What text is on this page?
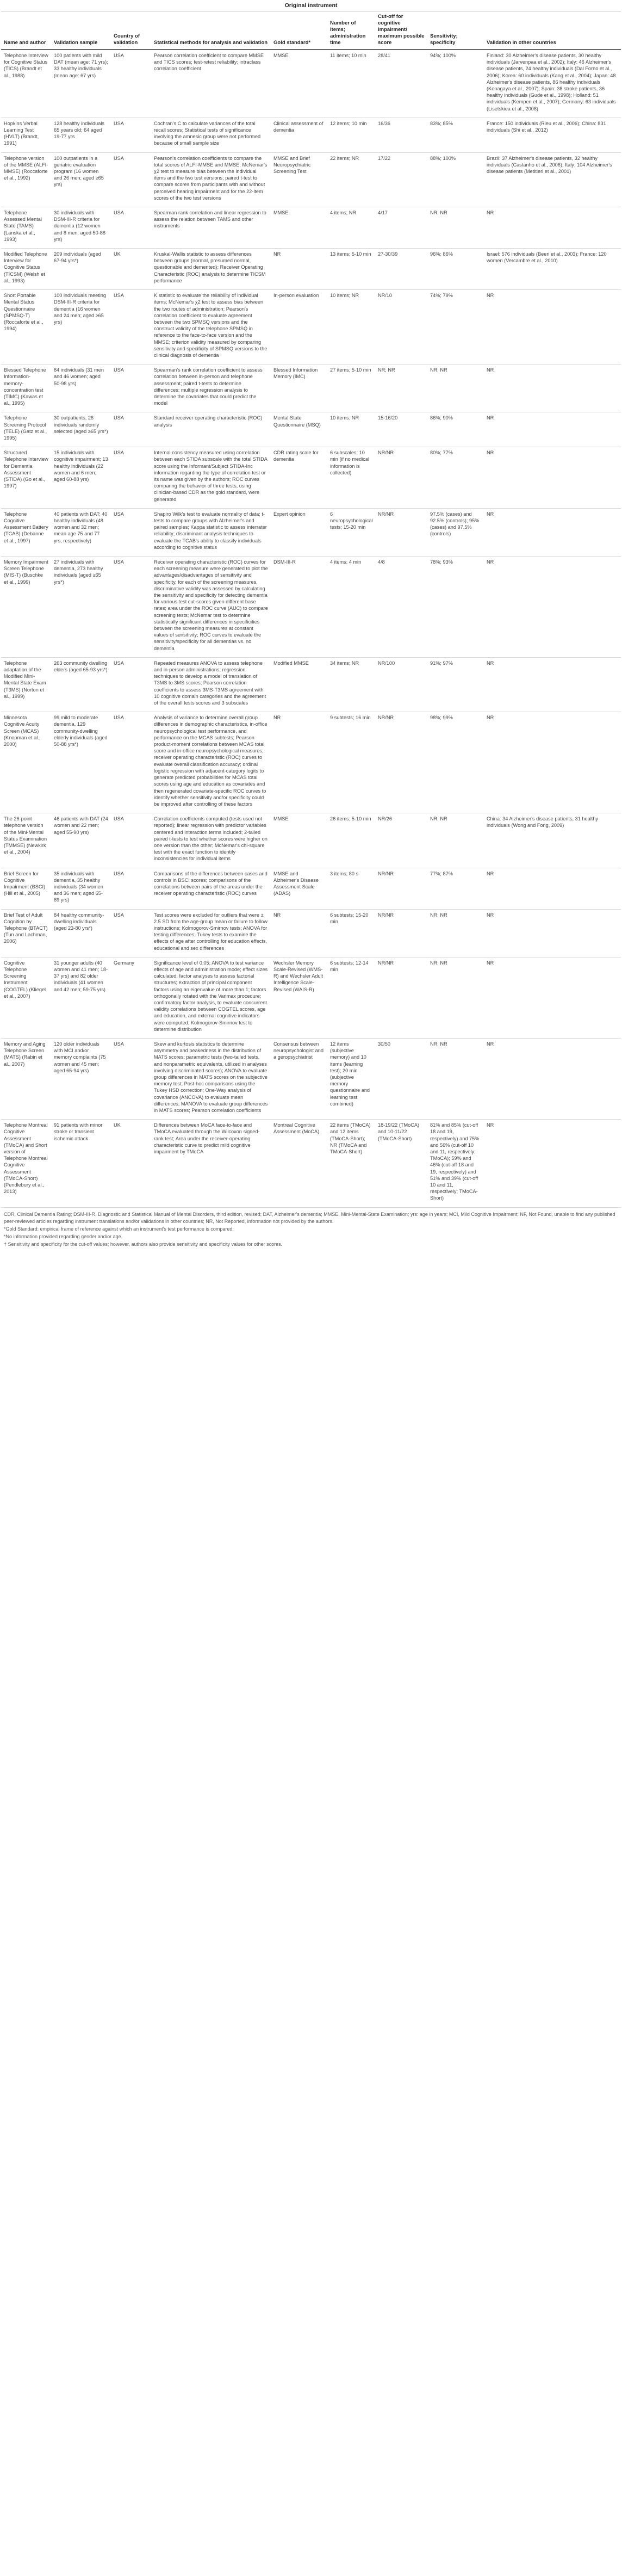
Original instrument
Name and author	Validation sample	Country of validation	Statistical methods for analysis and validation	Gold standard*	Number of items; administration time	Cut-off for cognitive impairment/ maximum possible score	Sensitivity; specificity	Validation in other countries
Telephone Interview for Cognitive Status (TICS) (Brandt et al., 1988)	100 patients with mild DAT (mean age: 71 yrs); 33 healthy individuals (mean age: 67 yrs)	USA	Pearson correlation coefficient to compare MMSE and TICS scores; test-retest reliability; intraclass correlation coefficient	MMSE	11 items; 10 min	28/41	94%; 100%	Finland: 30 Alzheimer's disease patients, 30 healthy individuals (Jarvenpaa et al., 2002); Italy: 46 Alzheimer's disease patients, 24 healthy individuals (Dal Forno et al., 2006); Korea: 60 individuals (Kang et al., 2004); Japan: 48 Alzheimer's disease patients, 86 healthy individuals (Konagaya et al., 2007); Spain: 38 stroke patients, 36 healthy individuals (Gude et al., 1998); Holland: 51 individuals (Kempen et al., 2007); Germany: 63 individuals (Lisetskiea et al., 2008)
Hopkins Verbal Learning Test (HVLT) (Brandt, 1991)	128 healthy individuals 65 years old; 64 aged 19-77 yrs	USA	Cochran's C to calculate variances of the total recall scores; Statistical tests of significance involving the amnesic group were not performed because of small sample size	Clinical assessment of dementia	12 items; 10 min	16/36	83%; 85%	France: 150 individuals (Rieu et al., 2006); China: 831 individuals (Shi et al., 2012)
Telephone version of the MMSE (ALFI-MMSE) (Roccaforte et al., 1992)	100 outpatients in a geriatric evaluation program (16 women and 26 men; aged ≥65 yrs)	USA	Pearson's correlation coefficients to compare the total scores of ALFI-MMSE and MMSE; McNemar's χ2 test to measure bias between the individual items and the two test versions; paired t-test to compare scores from participants with and without perceived hearing impairment and for the 22-item scores of the two test versions	MMSE and Brief Neuropsychiatric Screening Test	22 items; NR	17/22	88%; 100%	Brazil: 37 Alzheimer's disease patients, 32 healthy individuals (Castanho et al., 2006); Italy: 104 Alzheimer's disease patients (Metitieri et al., 2001)
Telephone Assessed Mental State (TAMS) (Lanska et al., 1993)	30 individuals with DSM-III-R criteria for dementia (12 women and 8 men; aged 50-88 yrs)	USA	Spearman rank correlation and linear regression to assess the relation between TAMS and other instruments	MMSE	4 items; NR	4/17	NR; NR	NR
Modified Telephone Interview for Cognitive Status (TICSM) (Welsh et al., 1993)	209 individuals (aged 67-94 yrs*)	UK	Kruskal-Wallis statistic to assess differences between groups (normal, presumed normal, questionable and demented); Receiver Operating Characteristic (ROC) analysis to determine TICSM performance	NR	13 items; 5-10 min	27-30/39	96%; 86%	Israel: 576 individuals (Beeri et al., 2003); France: 120 women (Vercambre et al., 2010)
Short Portable Mental Status Questionnaire (SPMSQ-T) (Roccaforte et al., 1994)	100 individuals meeting DSM-III-R criteria for dementia (16 women and 24 men; aged ≥65 yrs)	USA	K statistic to evaluate the reliability of individual items; McNemar's χ2 test to assess bias between the two routes of administration; Pearson's correlation coefficient to evaluate agreement between the two SPMSQ versions and the construct validity of the telephone SPMSQ in reference to the face-to-face version and the MMSE; criterion validity measured by comparing sensitivity and specificity of SPMSQ versions to the clinical diagnosis of dementia	In-person evaluation	10 items; NR	NR/10	74%; 79%	NR
Blessed Telephone Information-memory-concentration test (TIMC) (Kawas et al., 1995)	84 individuals (31 men and 46 women; aged 50-98 yrs)	USA	Spearman's rank correlation coefficient to assess correlation between in-person and telephone assessment; paired t-tests to determine differences; multiple regression analysis to determine the covariates that could predict the model	Blessed Information Memory (IMC)	27 items; 5-10 min	NR; NR	NR; NR	NR
Telephone Screening Protocol (TELE) (Gatz et al., 1995)	30 outpatients, 26 individuals randomly selected (aged ≥65 yrs*)	USA	Standard receiver operating characteristic (ROC) analysis	Mental State Questionnaire (MSQ)	10 items; NR	15-16/20	86%; 90%	NR
Structured Telephone Interview for Dementia Assessment (STIDA) (Go et al., 1997)	15 individuals with cognitive impairment; 13 healthy individuals (22 women and 6 men; aged 60-88 yrs)	USA	Internal consistency measured using correlation between each STIDA subscale with the total STIDA score using the Informant/Subject STIDA-Inc information regarding the type of correlation test or its name was given by the authors; ROC curves comparing the behavior of three tests, using clinician-based CDR as the gold standard, were generated	CDR rating scale for dementia	6 subscales; 10 min (if no medical information is collected)	NR/NR	80%; 77%	NR
Telephone Cognitive Assessment Battery (TCAB) (Debanne et al., 1997)	40 patients with DAT; 40 healthy individuals (48 women and 32 men; mean age 75 and 77 yrs, respectively)	USA	Shapiro Wilk's test to evaluate normality of data; t-tests to compare groups with Alzheimer's and paired samples; Kappa statistic to assess interrater reliability; discriminant analysis techniques to evaluate the TCAB's ability to classify individuals according to cognitive status	Expert opinion	6 neuropsychological tests; 15-20 min	NR/NR	97.5% (cases) and 92.5% (controls); 95% (cases) and 97.5% (controls)	NR
Memory Impairment Screen Telephone (MIS-T) (Buschke et al., 1999)	27 individuals with dementia, 273 healthy individuals (aged ≥65 yrs*)	USA	Receiver operating characteristic (ROC) curves for each screening measure were generated to plot the advantages/disadvantages of sensitivity and specificity, for each of the screening measures, discriminative validity was assessed by calculating the sensitivity and specificity for detecting dementia for various test cut-scores given different base rates; area under the ROC curve (AUC) to compare screening tests; McNemar test to determine statistically significant differences in specificities between the screening measures at constant values of sensitivity; ROC curves to evaluate the sensitivity/specificity for all dementias vs. no dementia	DSM-III-R	4 items; 4 min	4/8	78%; 93%	NR
Telephone adaptation of the Modified Mini-Mental State Exam (T3MS) (Norton et al., 1999)	263 community dwelling elders (aged 65-93 yrs*)	USA	Repeated measures ANOVA to assess telephone and in-person administrations; regression techniques to develop a model of translation of T3MS to 3MS scores; Pearson correlation coefficients to assess 3MS-T3MS agreement with 10 cognitive domain categories and the agreement of the overall tests scores and 3 subscales	Modified MMSE	34 items; NR	NR/100	91%; 97%	NR
Minnesota Cognitive Acuity Screen (MCAS) (Knopman et al., 2000)	99 mild to moderate dementia, 129 community-dwelling elderly individuals (aged 50-88 yrs*)	USA	Analysis of variance to determine overall group differences in demographic characteristics, in-office neuropsychological test performance, and performance on the MCAS subtests; Pearson product-moment correlations between MCAS total score and in-office neuropsychological measures; receiver operating characteristic (ROC) curves to evaluate overall classification accuracy; ordinal logistic regression with adjacent-category logits to generate predicted probabilities for MCAS total scores using age and education as covariates and then regenerated covariate-specific ROC curves to identify whether sensitivity and/or specificity could be improved after controlling of these factors	NR	9 subtests; 16 min	NR/NR	98%; 99%	NR
The 26-point telephone version of the Mini-Mental Status Examination (TMMSE) (Newkirk et al., 2004)	46 patients with DAT (24 women and 22 men; aged 55-90 yrs)	USA	Correlation coefficients computed (tests used not reported); linear regression with predictor variables centered and interaction terms included; 2-tailed paired t-tests to test whether scores were higher on one version than the other; McNemar's chi-square test with the exact function to identify inconsistencies for individual items	MMSE	26 items; 5-10 min	NR/26	NR; NR	China: 34 Alzheimer's disease patients, 31 healthy individuals (Wong and Fong, 2009)
Brief Screen for Cognitive Impairment (BSCI) (Hill et al., 2005)	35 individuals with dementia, 35 healthy individuals (34 women and 36 men; aged 65-89 yrs)	USA	Comparisons of the differences between cases and controls in BSCI scores; comparisons of the correlations between pairs of the areas under the receiver operating characteristic (ROC) curves	MMSE and Alzheimer's Disease Assessment Scale (ADAS)	3 items; 80 s	NR/NR	77%; 87%	NR
Brief Test of Adult Cognition by Telephone (BTACT) (Tun and Lachman, 2006)	84 healthy community-dwelling individuals (aged 23-80 yrs*)	USA	Test scores were excluded for outliers that were ± 2.5 SD from the age-group mean or failure to follow instructions; Kolmogorov-Smirnov tests; ANOVA for testing differences; Tukey tests to examine the effects of age after controlling for education effects, educational and sex differences	NR	6 subtests; 15-20 min	NR/NR	NR; NR	NR
Cognitive Telephone Screening Instrument (COGTEL) (Kliegel et al., 2007)	31 younger adults (40 women and 41 men; 18-37 yrs) and 82 older individuals (41 women and 42 men; 59-75 yrs)	Germany	Significance level of 0.05; ANOVA to test variance effects of age and administration mode; effect sizes calculated; factor analyses to assess factorial structures; extraction of principal component factors using an eigenvalue of more than 1; factors orthogonally rotated with the Varimax procedure; confirmatory factor analysis, to evaluate concurrent validity correlations between COGTEL scores, age and education, and external cognitive indicators were computed; Kolmogorov-Smirnov test to determine distribution	Wechsler Memory Scale-Revised (WMS-R) and Wechsler Adult Intelligence Scale-Revised (WAIS-R)	6 subtests; 12-14 min	NR/NR	NR; NR	NR
Memory and Aging Telephone Screen (MATS) (Rabin et al., 2007)	120 older individuals with MCI and/or memory complaints (75 women and 45 men; aged 65-94 yrs)	USA	Skew and kurtosis statistics to determine asymmetry and peakedness in the distribution of MATS scores; parametric tests (two-tailed tests, and nonparametric equivalents, utilized in analyses involving discriminated scores); ANOVA to evaluate group differences in MATS scores on the subjective memory test; Post-hoc comparisons using the Tukey HSD correction; One-Way analysis of covariance (ANCOVA) to evaluate mean differences; MANOVA to evaluate group differences in MATS scores; Pearson correlation coefficients	Consensus between neuropsychologist and a geropsychiatrist	12 items (subjective memory) and 10 items (learning test); 20 min (subjective memory questionnaire and learning test combined)	30/50	NR; NR	NR
Telephone Montreal Cognitive Assessment (TMoCA) and Short version of Telephone Montreal Cognitive Assessment (TMoCA-Short) (Pendlebury et al., 2013)	91 patients with minor stroke or transient ischemic attack	UK	Differences between MoCA face-to-face and TMoCA evaluated through the Wilcoxon signed-rank test; Area under the receiver-operating characteristic curve to predict mild cognitive impairment by TMoCA	Montreal Cognitive Assessment (MoCA)	22 items (TMoCA) and 12 items (TMoCA-Short); NR (TMoCA and TMoCA-Short)	18-19/22 (TMoCA) and 10-11/22 (TMoCA-Short)	81% and 85% (cut-off 18 and 19, respectively) and 75% and 56% (cut-off 10 and 11, respectively; TMoCA); 59% and 46% (cut-off 18 and 19, respectively) and 51% and 39% (cut-off 10 and 11, respectively; TMoCA-Short)	NR
CDR, Clinical Dementia Rating; DSM-III-R, Diagnostic and Statistical Manual of Mental Disorders, third edition, revised; DAT, Alzheimer's dementia; MMSE, Mini-Mental-State Examination; yrs: age in years; MCI, Mild Cognitive Impairment; NF, Not Found, unable to find any published peer-reviewed articles regarding instrument translations and/or validations in other countries; NR, Not Reported, information not provided by the authors.
*Gold Standard: empirical frame of reference against which an instrument's test performance is compared.
*No information provided regarding gender and/or age.
† Sensitivity and specificity for the cut-off values; however, authors also provide sensitivity and specificity values for other scores.
